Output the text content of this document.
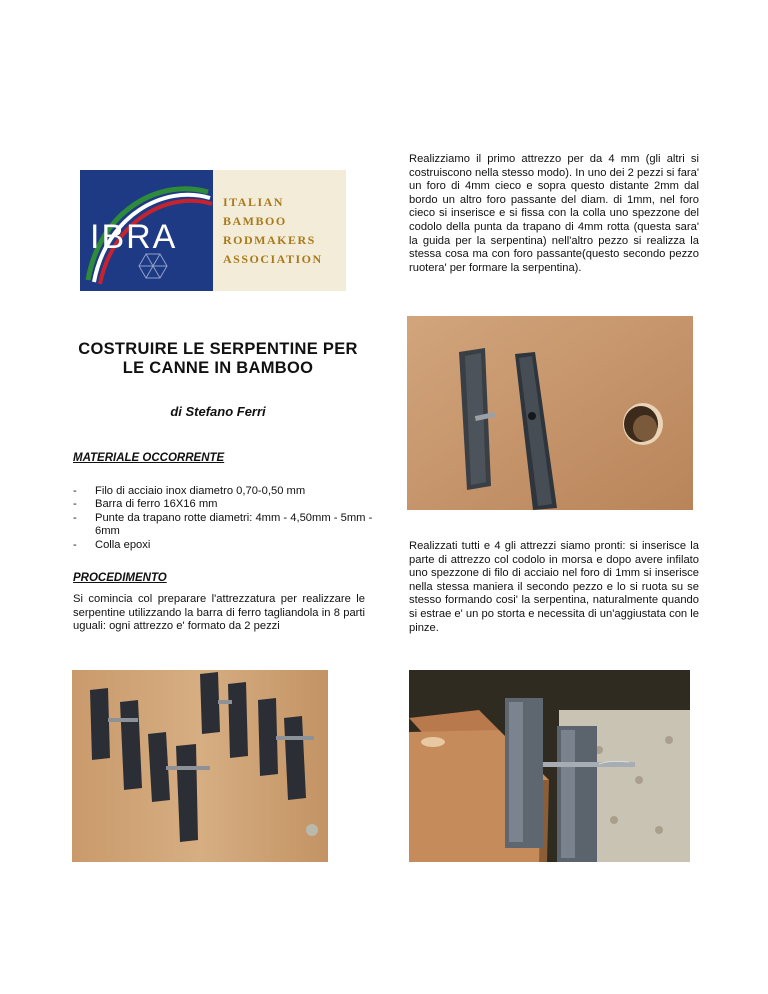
IBRA
ITALIAN
BAMBOO
RODMAKERS
ASSOCIATION
Realizziamo il primo attrezzo per da 4 mm (gli altri si costruiscono nella stesso modo). In uno dei 2 pezzi si fara' un foro di 4mm cieco e sopra questo distante 2mm dal bordo un altro foro passante del diam. di 1mm, nel foro cieco si inserisce e si fissa con la colla uno spezzone del codolo della punta da trapano di 4mm rotta (questa sara' la guida per la serpentina) nell'altro pezzo si realizza la stessa cosa ma con foro passante(questo secondo pezzo ruotera' per formare la serpentina).
Realizzati tutti e 4 gli attrezzi siamo pronti: si inserisce la parte di attrezzo col codolo in morsa e dopo avere infilato uno spezzone di filo di acciaio nel foro di 1mm si inserisce nella stessa maniera il secondo pezzo e lo si ruota su se stesso formando cosi' la serpentina, naturalmente quando si estrae e' un po storta e necessita di un'aggiustata con le pinze.
COSTRUIRE LE SERPENTINE PER LE CANNE IN BAMBOO
di Stefano Ferri
MATERIALE OCCORRENTE
-	Filo di acciaio inox diametro 0,70-0,50 mm
-	Barra di ferro 16X16 mm
-	Punte da trapano rotte diametri: 4mm - 4,50mm - 5mm - 6mm
-	Colla epoxi
PROCEDIMENTO
Si comincia col preparare l'attrezzatura per realizzare le serpentine utilizzando la barra di ferro tagliandola in 8 parti uguali: ogni attrezzo e' formato da 2 pezzi
